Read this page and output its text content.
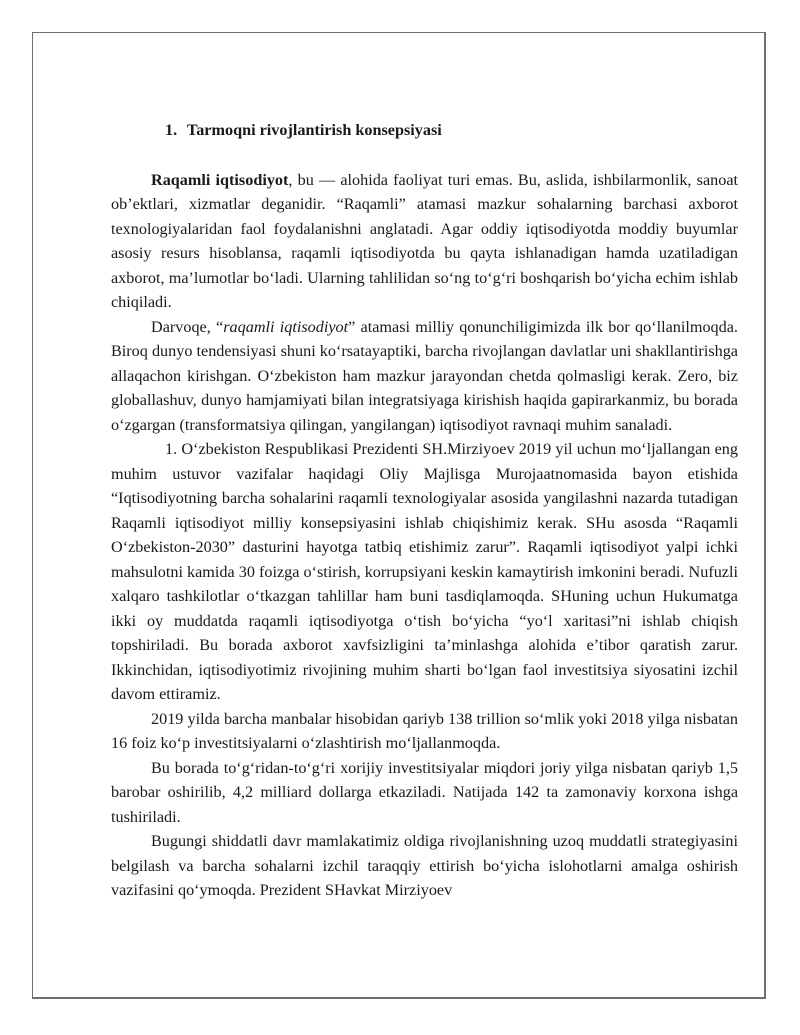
1. Tarmoqni rivojlantirish konsepsiyasi

Raqamli iqtisodiyot, bu — alohida faoliyat turi emas. Bu, aslida, ishbilarmonlik, sanoat ob’ektlari, xizmatlar deganidir. “Raqamli” atamasi mazkur sohalarning barchasi axborot texnologiyalaridan faol foydalanishni anglatadi. Agar oddiy iqtisodiyotda moddiy buyumlar asosiy resurs hisoblansa, raqamli iqtisodiyotda bu qayta ishlanadigan hamda uzatiladigan axborot, ma’lumotlar bo‘ladi. Ularning tahlilidan so‘ng to‘g‘ri boshqarish bo‘yicha echim ishlab chiqiladi.

Darvoqe, “raqamli iqtisodiyot” atamasi milliy qonunchiligimizda ilk bor qo‘llanilmoqda. Biroq dunyo tendensiyasi shuni ko‘rsatayaptiki, barcha rivojlangan davlatlar uni shakllantirishga allaqachon kirishgan. O‘zbekiston ham mazkur jarayondan chetda qolmasligi kerak. Zero, biz globallashuv, dunyo hamjamiyati bilan integratsiyaga kirishish haqida gapirarkanmiz, bu borada o‘zgargan (transformatsiya qilingan, yangilangan) iqtisodiyot ravnaqi muhim sanaladi.

1. O‘zbekiston Respublikasi Prezidenti SH.Mirziyoev 2019 yil uchun mo‘ljallangan eng muhim ustuvor vazifalar haqidagi Oliy Majlisga Murojaatnomasida bayon etishida “Iqtisodiyotning barcha sohalarini raqamli texnologiyalar asosida yangilashni nazarda tutadigan Raqamli iqtisodiyot milliy konsepsiyasini ishlab chiqishimiz kerak. SHu asosda “Raqamli O‘zbekiston-2030” dasturini hayotga tatbiq etishimiz zarur”. Raqamli iqtisodiyot yalpi ichki mahsulotni kamida 30 foizga o‘stirish, korrupsiyani keskin kamaytirish imkonini beradi. Nufuzli xalqaro tashkilotlar o‘tkazgan tahlillar ham buni tasdiqlamoqda. SHuning uchun Hukumatga ikki oy muddatda raqamli iqtisodiyotga o‘tish bo‘yicha “yo‘l xaritasi”ni ishlab chiqish topshiriladi. Bu borada axborot xavfsizligini ta’minlashga alohida e’tibor qaratish zarur. Ikkinchidan, iqtisodiyotimiz rivojining muhim sharti bo‘lgan faol investitsiya siyosatini izchil davom ettiramiz.

2019 yilda barcha manbalar hisobidan qariyb 138 trillion so‘mlik yoki 2018 yilga nisbatan 16 foiz ko‘p investitsiyalarni o‘zlashtirish mo‘ljallanmoqda.

Bu borada to‘g‘ridan-to‘g‘ri xorijiy investitsiyalar miqdori joriy yilga nisbatan qariyb 1,5 barobar oshirilib, 4,2 milliard dollarga etkaziladi. Natijada 142 ta zamonaviy korxona ishga tushiriladi.

Bugungi shiddatli davr mamlakatimiz oldiga rivojlanishning uzoq muddatli strategiyasini belgilash va barcha sohalarni izchil taraqqiy ettirish bo‘yicha islohotlarni amalga oshirish vazifasini qo‘ymoqda. Prezident SHavkat Mirziyoev
